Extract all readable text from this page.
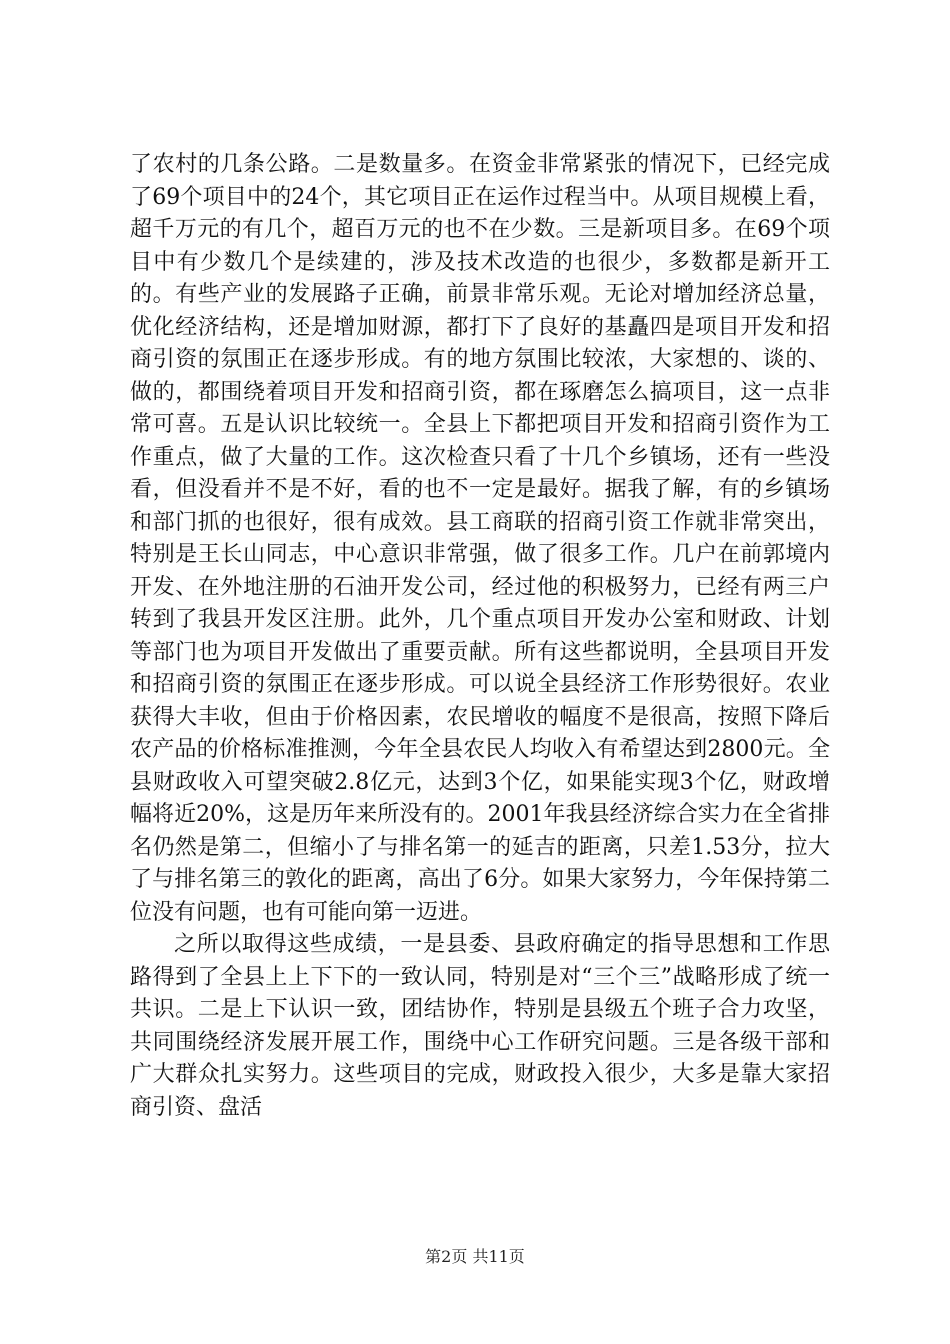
了农村的几条公路。二是数量多。在资金非常紧张的情况下，已经完成了69个项目中的24个，其它项目正在运作过程当中。从项目规模上看，超千万元的有几个，超百万元的也不在少数。三是新项目多。在69个项目中有少数几个是续建的，涉及技术改造的也很少，多数都是新开工的。有些产业的发展路子正确，前景非常乐观。无论对增加经济总量，优化经济结构，还是增加财源，都打下了良好的基矗四是项目开发和招商引资的氛围正在逐步形成。有的地方氛围比较浓，大家想的、谈的、做的，都围绕着项目开发和招商引资，都在琢磨怎么搞项目，这一点非常可喜。五是认识比较统一。全县上下都把项目开发和招商引资作为工作重点，做了大量的工作。这次检查只看了十几个乡镇场，还有一些没看，但没看并不是不好，看的也不一定是最好。据我了解，有的乡镇场和部门抓的也很好，很有成效。县工商联的招商引资工作就非常突出，特别是王长山同志，中心意识非常强，做了很多工作。几户在前郭境内开发、在外地注册的石油开发公司，经过他的积极努力，已经有两三户转到了我县开发区注册。此外，几个重点项目开发办公室和财政、计划等部门也为项目开发做出了重要贡献。所有这些都说明，全县项目开发和招商引资的氛围正在逐步形成。可以说全县经济工作形势很好。农业获得大丰收，但由于价格因素，农民增收的幅度不是很高，按照下降后农产品的价格标准推测，今年全县农民人均收入有希望达到2800元。全县财政收入可望突破2.8亿元，达到3个亿，如果能实现3个亿，财政增幅将近20%，这是历年来所没有的。2001年我县经济综合实力在全省排名仍然是第二，但缩小了与排名第一的延吉的距离，只差1.53分，拉大了与排名第三的敦化的距离，高出了6分。如果大家努力，今年保持第二位没有问题，也有可能向第一迈进。

之所以取得这些成绩，一是县委、县政府确定的指导思想和工作思路得到了全县上上下下的一致认同，特别是对“三个三”战略形成了统一共识。二是上下认识一致，团结协作，特别是县级五个班子合力攻坚，共同围绕经济发展开展工作，围绕中心工作研究问题。三是各级干部和广大群众扎实努力。这些项目的完成，财政投入很少，大多是靠大家招商引资、盘活

第2页 共11页
